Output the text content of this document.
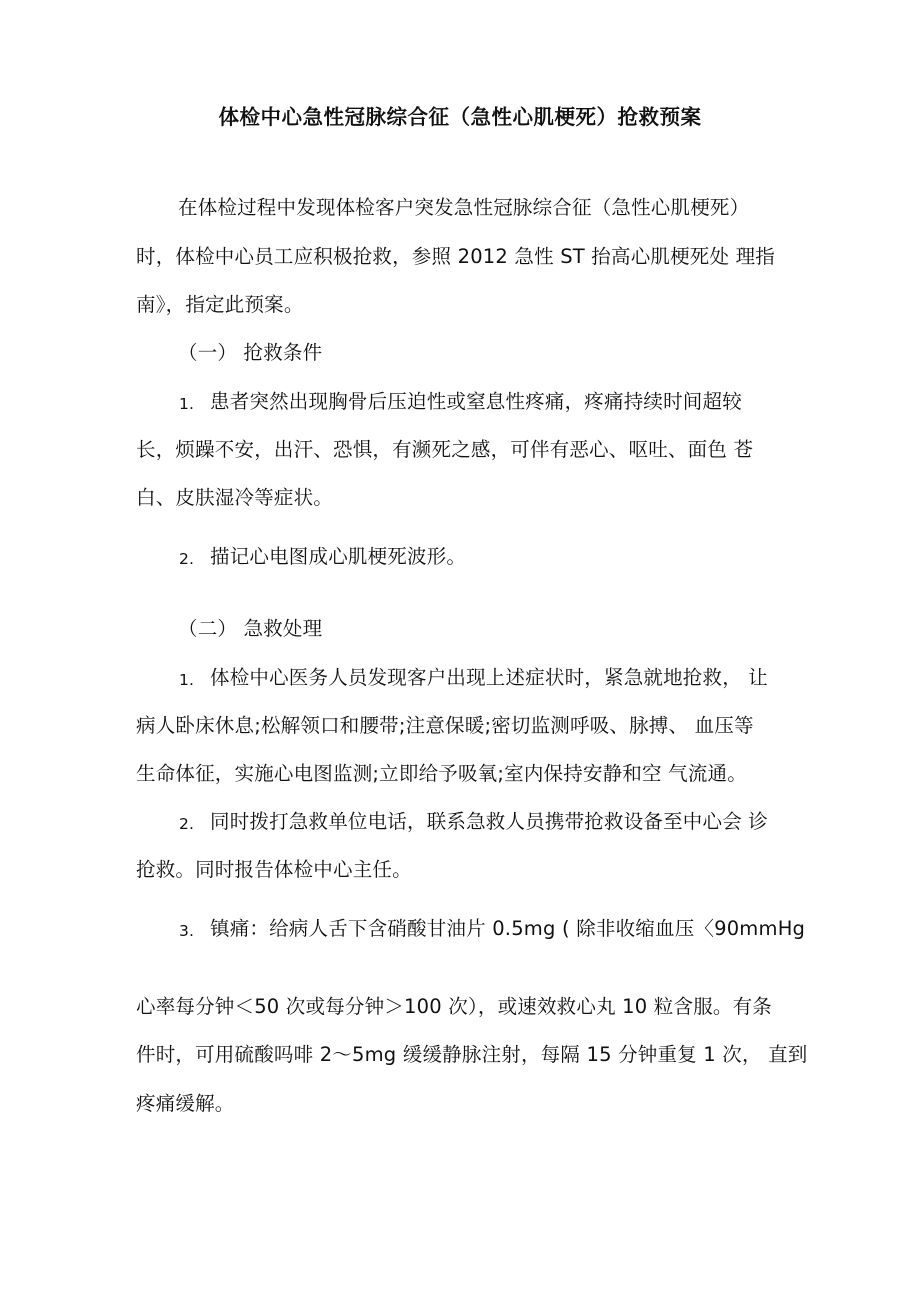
体检中心急性冠脉综合征（急性心肌梗死）抢救预案
在体检过程中发现体检客户突发急性冠脉综合征（急性心肌梗死）
时，体检中心员工应积极抢救，参照 2012 急性 ST 抬高心肌梗死处 理指
南》，指定此预案。
（一） 抢救条件
1. 患者突然出现胸骨后压迫性或窒息性疼痛，疼痛持续时间超较
长，烦躁不安，出汗、恐惧，有濒死之感，可伴有恶心、呕吐、面色 苍
白、皮肤湿冷等症状。
2. 描记心电图成心肌梗死波形。
（二） 急救处理
1. 体检中心医务人员发现客户出现上述症状时，紧急就地抢救， 让
病人卧床休息;松解领口和腰带;注意保暖;密切监测呼吸、脉搏、 血压等
生命体征，实施心电图监测;立即给予吸氧;室内保持安静和空 气流通。
2. 同时拨打急救单位电话，联系急救人员携带抢救设备至中心会 诊
抢救。同时报告体检中心主任。
3. 镇痛：给病人舌下含硝酸甘油片 0.5mg ( 除非收缩血压〈90mmHg
心率每分钟＜50 次或每分钟＞100 次），或速效救心丸 10 粒含服。有条
件时，可用硫酸吗啡 2〜5mg 缓缓静脉注射，每隔 15 分钟重复 1 次， 直到
疼痛缓解。
